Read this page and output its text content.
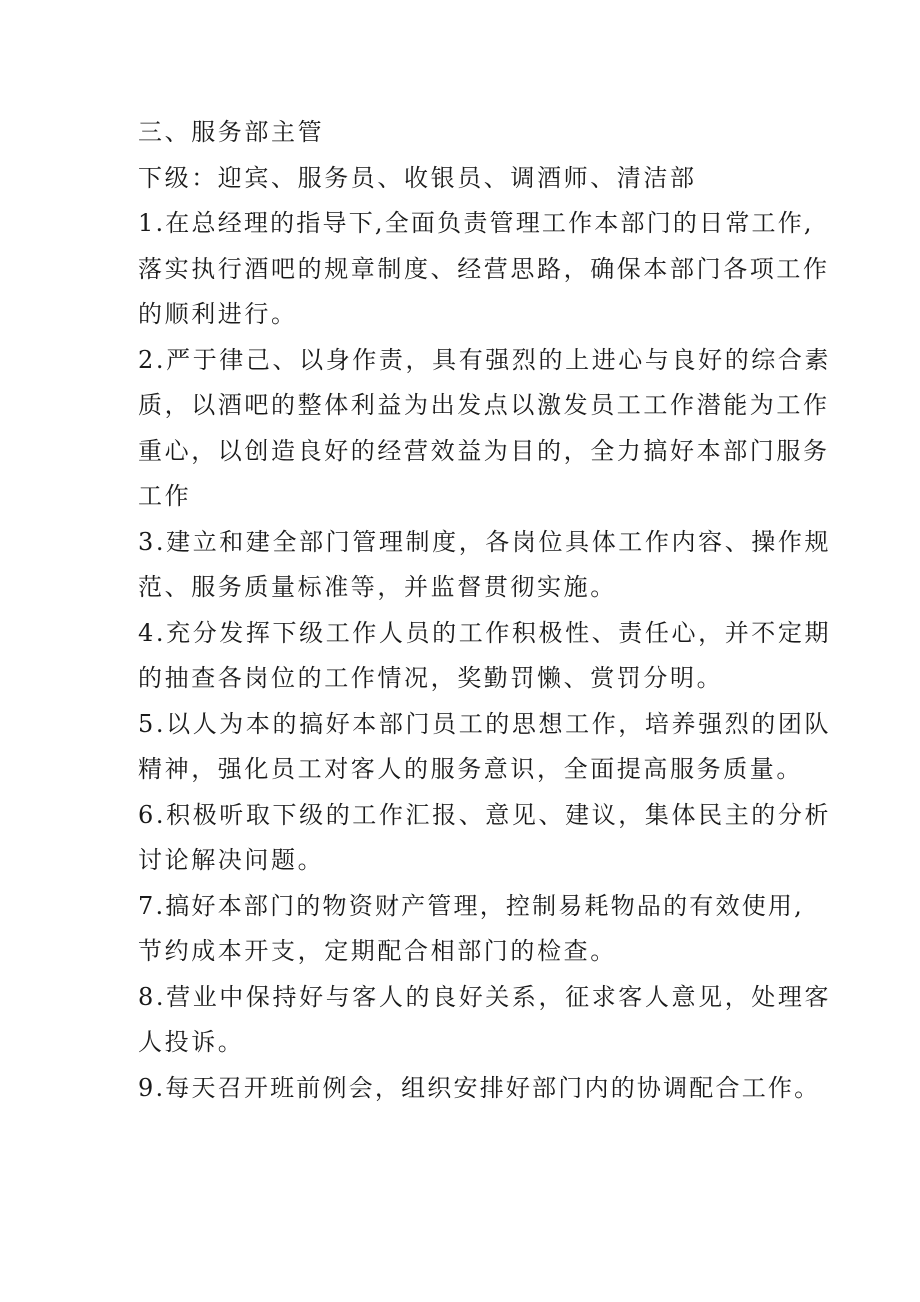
三、服务部主管
下级：迎宾、服务员、收银员、调酒师、清洁部
1.在总经理的指导下,全面负责管理工作本部门的日常工作,
落实执行酒吧的规章制度、经营思路，确保本部门各项工作
的顺利进行。
2.严于律己、以身作责，具有强烈的上进心与良好的综合素
质，以酒吧的整体利益为出发点以激发员工工作潜能为工作
重心，以创造良好的经营效益为目的，全力搞好本部门服务
工作
3.建立和建全部门管理制度，各岗位具体工作内容、操作规
范、服务质量标准等，并监督贯彻实施。
4.充分发挥下级工作人员的工作积极性、责任心，并不定期
的抽查各岗位的工作情况，奖勤罚懒、赏罚分明。
5.以人为本的搞好本部门员工的思想工作，培养强烈的团队
精神，强化员工对客人的服务意识，全面提高服务质量。
6.积极听取下级的工作汇报、意见、建议，集体民主的分析
讨论解决问题。
7.搞好本部门的物资财产管理，控制易耗物品的有效使用,
节约成本开支，定期配合相部门的检查。
8.营业中保持好与客人的良好关系，征求客人意见，处理客
人投诉。
9.每天召开班前例会，组织安排好部门内的协调配合工作。
